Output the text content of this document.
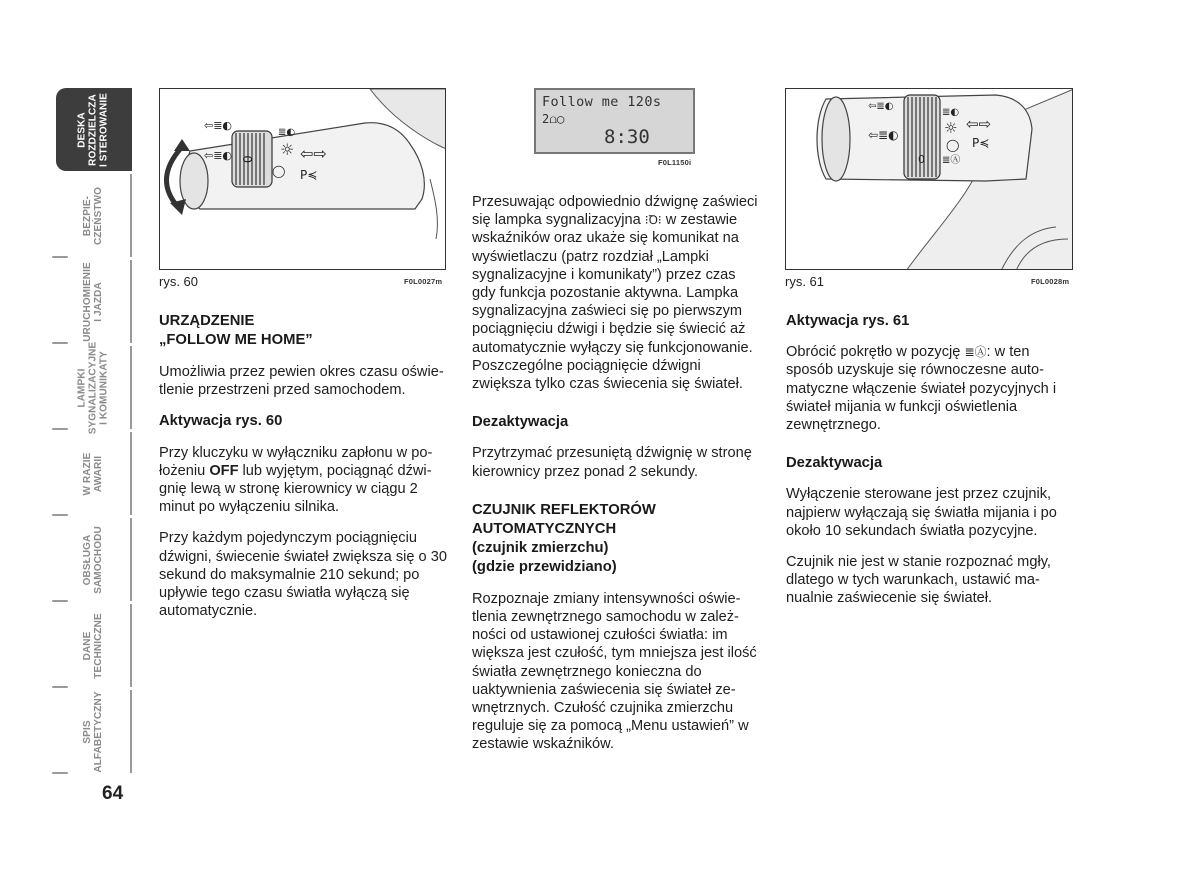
DESKA
ROZDZIELCZA
I STEROWANIE
BEZPIE-
CZEŃSTWO
URUCHOMIENIE
I JAZDA
LAMPKI
SYGNALIZACYJNE
I KOMUNIKATY
W RAZIE
AWARII
OBSŁUGA
SAMOCHODU
DANE
TECHNICZNE
SPIS
ALFABETYCZNY
64
⇦≣◐
⇦≣◐
≣◐
☼ ⇦⇨
◯ P≼
0
rys. 60	F0L0027m
Follow me 120s
2⩍◯
8:30
F0L1150i
⇦≣◐
⇦≣◐
≣◐
☼ ⇦⇨
◯ P≼
≣Ⓐ
0
rys. 61	F0L0028m
URZĄDZENIE
„FOLLOW ME HOME”

Umożliwia przez pewien okres czasu oświetlenie przestrzeni przed samochodem.

Aktywacja rys. 60

Przy kluczyku w wyłączniku zapłonu w położeniu OFF lub wyjętym, pociągnąć dźwignię lewą w stronę kierownicy w ciągu 2 minut po wyłączeniu silnika.

Przy każdym pojedynczym pociągnięciu dźwigni, świecenie świateł zwiększa się o 30 sekund do maksymalnie 210 sekund; po upływie tego czasu światła wyłączą się automatycznie.

Przesuwając odpowiednio dźwignę zaświeci się lampka sygnalizacyjna ⁝Ꝺ⁝ w zestawie wskaźników oraz ukaże się komunikat na wyświetlaczu (patrz rozdział „Lampki sygnalizacyjne i komunikaty”) przez czas gdy funkcja pozostanie aktywna. Lampka sygnalizacyjna zaświeci się po pierwszym pociągnięciu dźwigi i będzie się świecić aż automatycznie wyłączy się funkcjonowanie. Poszczególne pociągnięcie dźwigni zwiększa tylko czas świecenia się świateł.

Dezaktywacja

Przytrzymać przesuniętą dźwignię w stronę kierownicy przez ponad 2 sekundy.

CZUJNIK REFLEKTORÓW
AUTOMATYCZNYCH
(czujnik zmierzchu)
(gdzie przewidziano)

Rozpoznaje zmiany intensywności oświetlenia zewnętrznego samochodu w zależności od ustawionej czułości światła: im większa jest czułość, tym mniejsza jest ilość światła zewnętrznego konieczna do uaktywnienia zaświecenia się świateł zewnętrznych. Czułość czujnika zmierzchu reguluje się za pomocą „Menu ustawień” w zestawie wskaźników.

Aktywacja rys. 61

Obrócić pokrętło w pozycję ≣Ⓐ: w ten sposób uzyskuje się równoczesne automatyczne włączenie świateł pozycyjnych i świateł mijania w funkcji oświetlenia zewnętrznego.

Dezaktywacja

Wyłączenie sterowane jest przez czujnik, najpierw wyłączają się światła mijania i po około 10 sekundach światła pozycyjne.

Czujnik nie jest w stanie rozpoznać mgły, dlatego w tych warunkach, ustawić manualnie zaświecenie się świateł.
